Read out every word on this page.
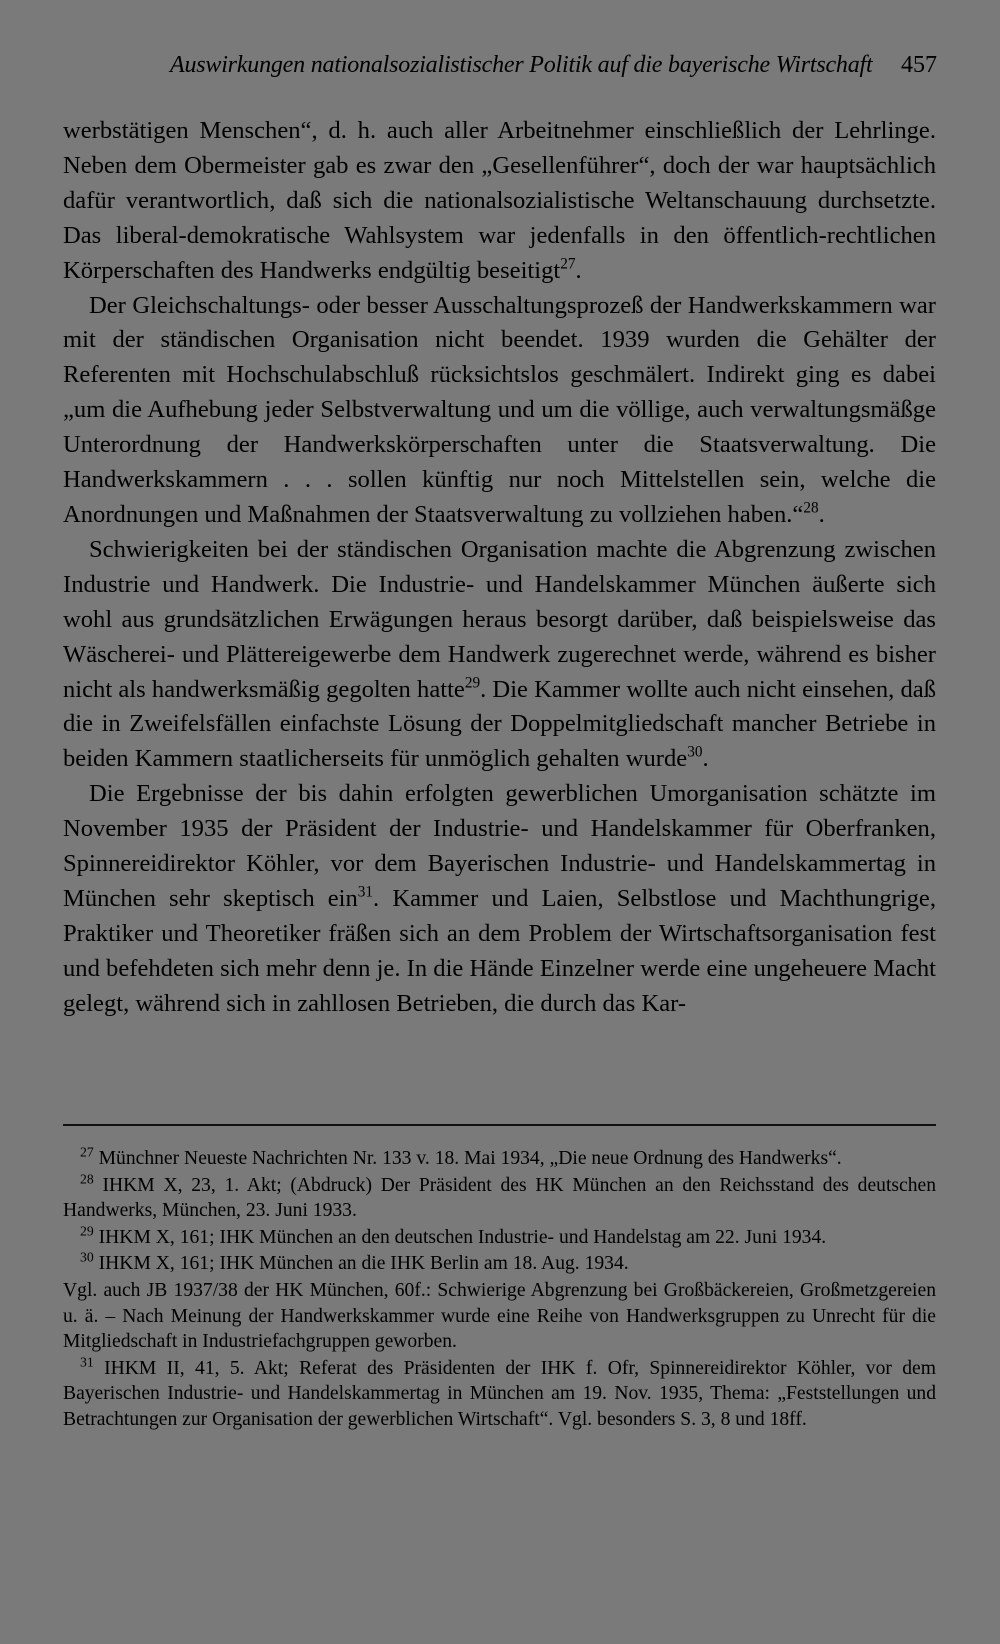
Auswirkungen nationalsozialistischer Politik auf die bayerische Wirtschaft 457

werbstätigen Menschen“, d. h. auch aller Arbeitnehmer einschließlich der Lehrlinge. Neben dem Obermeister gab es zwar den „Gesellenführer“, doch der war hauptsächlich dafür verantwortlich, daß sich die nationalsozialistische Weltanschauung durchsetzte. Das liberal-demokratische Wahlsystem war jedenfalls in den öffentlich-rechtlichen Körperschaften des Handwerks endgültig beseitigt$^{27}$.

Der Gleichschaltungs- oder besser Ausschaltungsprozeß der Handwerkskammern war mit der ständischen Organisation nicht beendet. 1939 wurden die Gehälter der Referenten mit Hochschulabschluß rücksichtslos geschmälert. Indirekt ging es dabei „um die Aufhebung jeder Selbstverwaltung und um die völlige, auch verwaltungsmäßge Unterordnung der Handwerkskörperschaften unter die Staatsverwaltung. Die Handwerkskammern . . . sollen künftig nur noch Mittelstellen sein, welche die Anordnungen und Maßnahmen der Staatsverwaltung zu vollziehen haben.“$^{28}$.

Schwierigkeiten bei der ständischen Organisation machte die Abgrenzung zwischen Industrie und Handwerk. Die Industrie- und Handelskammer München äußerte sich wohl aus grundsätzlichen Erwägungen heraus besorgt darüber, daß beispielsweise das Wäscherei- und Plättereigewerbe dem Handwerk zugerechnet werde, während es bisher nicht als handwerksmäßig gegolten hatte$^{29}$. Die Kammer wollte auch nicht einsehen, daß die in Zweifelsfällen einfachste Lösung der Doppelmitgliedschaft mancher Betriebe in beiden Kammern staatlicherseits für unmöglich gehalten wurde$^{30}$.

Die Ergebnisse der bis dahin erfolgten gewerblichen Umorganisation schätzte im November 1935 der Präsident der Industrie- und Handelskammer für Oberfranken, Spinnereidirektor Köhler, vor dem Bayerischen Industrie- und Handelskammertag in München sehr skeptisch ein$^{31}$. Kammer und Laien, Selbstlose und Machthungrige, Praktiker und Theoretiker fräßen sich an dem Problem der Wirtschaftsorganisation fest und befehdeten sich mehr denn je. In die Hände Einzelner werde eine ungeheuere Macht gelegt, während sich in zahllosen Betrieben, die durch das Kar-

$^{27}$ Münchner Neueste Nachrichten Nr. 133 v. 18. Mai 1934, „Die neue Ordnung des Handwerks“.

$^{28}$ IHKM X, 23, 1. Akt; (Abdruck) Der Präsident des HK München an den Reichsstand des deutschen Handwerks, München, 23. Juni 1933.

$^{29}$ IHKM X, 161; IHK München an den deutschen Industrie- und Handelstag am 22. Juni 1934.

$^{30}$ IHKM X, 161; IHK München an die IHK Berlin am 18. Aug. 1934.

Vgl. auch JB 1937/38 der HK München, 60f.: Schwierige Abgrenzung bei Großbäckereien, Großmetzgereien u. ä. – Nach Meinung der Handwerkskammer wurde eine Reihe von Handwerksgruppen zu Unrecht für die Mitgliedschaft in Industriefachgruppen geworben.

$^{31}$ IHKM II, 41, 5. Akt; Referat des Präsidenten der IHK f. Ofr, Spinnereidirektor Köhler, vor dem Bayerischen Industrie- und Handelskammertag in München am 19. Nov. 1935, Thema: „Feststellungen und Betrachtungen zur Organisation der gewerblichen Wirtschaft“. Vgl. besonders S. 3, 8 und 18ff.
